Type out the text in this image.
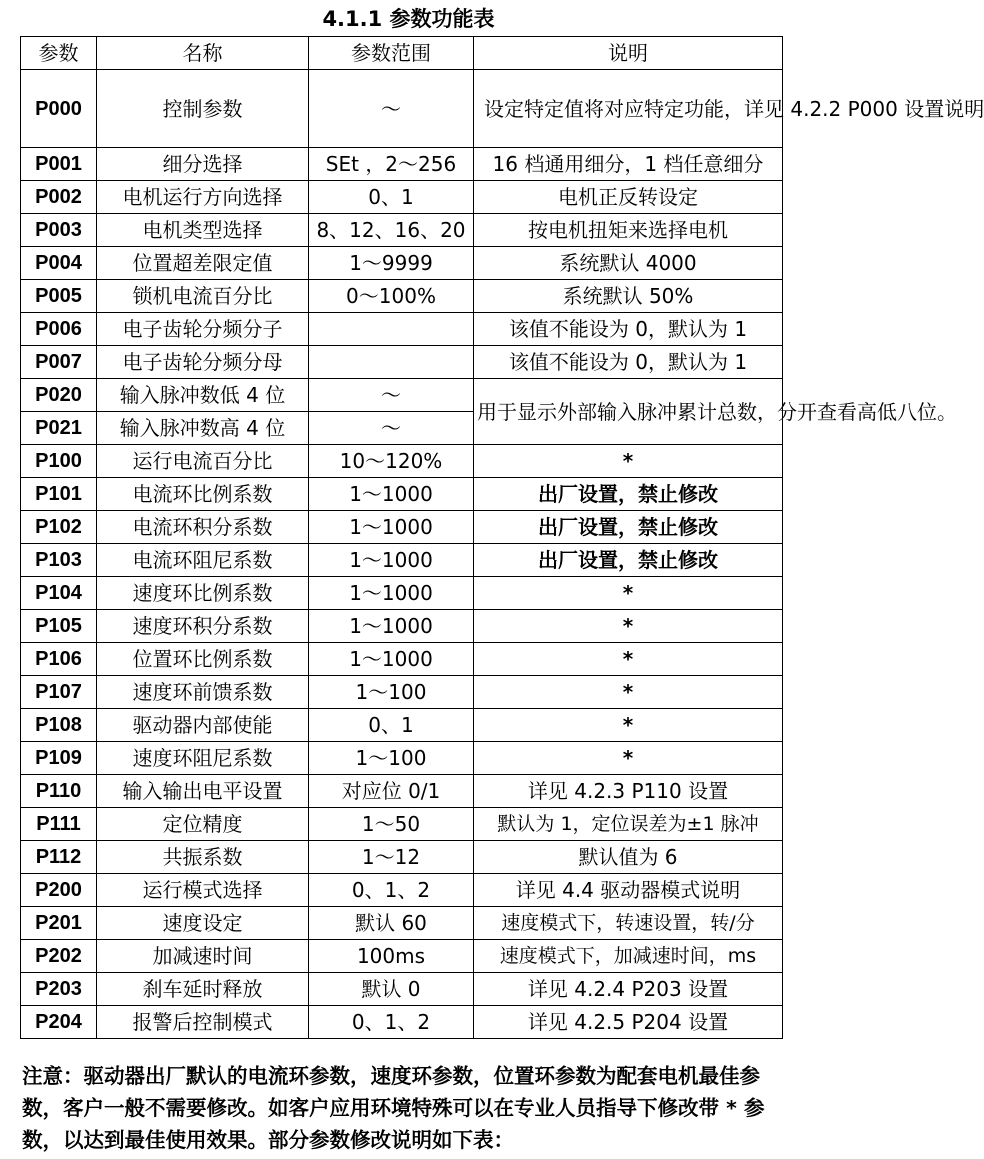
4.1.1 参数功能表
参数	名称	参数范围	说明
P000	控制参数	～	设定特定值将对应特定功能，详见 4.2.2 P000 设置说明
P001	细分选择	SEt ，2～256	16 档通用细分，1 档任意细分
P002	电机运行方向选择	0、1	电机正反转设定
P003	电机类型选择	8、12、16、20	按电机扭矩来选择电机
P004	位置超差限定值	1～9999	系统默认 4000
P005	锁机电流百分比	0～100%	系统默认 50%
P006	电子齿轮分频分子		该值不能设为 0，默认为 1
P007	电子齿轮分频分母		该值不能设为 0，默认为 1
P020	输入脉冲数低 4 位	～	用于显示外部输入脉冲累计总数，分开查看高低八位。
P021	输入脉冲数高 4 位	～	
P100	运行电流百分比	10～120%	*
P101	电流环比例系数	1～1000	出厂设置，禁止修改
P102	电流环积分系数	1～1000	出厂设置，禁止修改
P103	电流环阻尼系数	1～1000	出厂设置，禁止修改
P104	速度环比例系数	1～1000	*
P105	速度环积分系数	1～1000	*
P106	位置环比例系数	1～1000	*
P107	速度环前馈系数	1～100	*
P108	驱动器内部使能	0、1	*
P109	速度环阻尼系数	1～100	*
P110	输入输出电平设置	对应位 0/1	详见 4.2.3 P110 设置
P111	定位精度	1～50	默认为 1，定位误差为±1 脉冲
P112	共振系数	1～12	默认值为 6
P200	运行模式选择	0、1、2	详见 4.4 驱动器模式说明
P201	速度设定	默认 60	速度模式下，转速设置，转/分
P202	加减速时间	100ms	速度模式下，加减速时间，ms
P203	刹车延时释放	默认 0	详见 4.2.4 P203 设置
P204	报警后控制模式	0、1、2	详见 4.2.5 P204 设置
注意：驱动器出厂默认的电流环参数，速度环参数，位置环参数为配套电机最佳参数，客户一般不需要修改。如客户应用环境特殊可以在专业人员指导下修改带 * 参数，以达到最佳使用效果。部分参数修改说明如下表：
